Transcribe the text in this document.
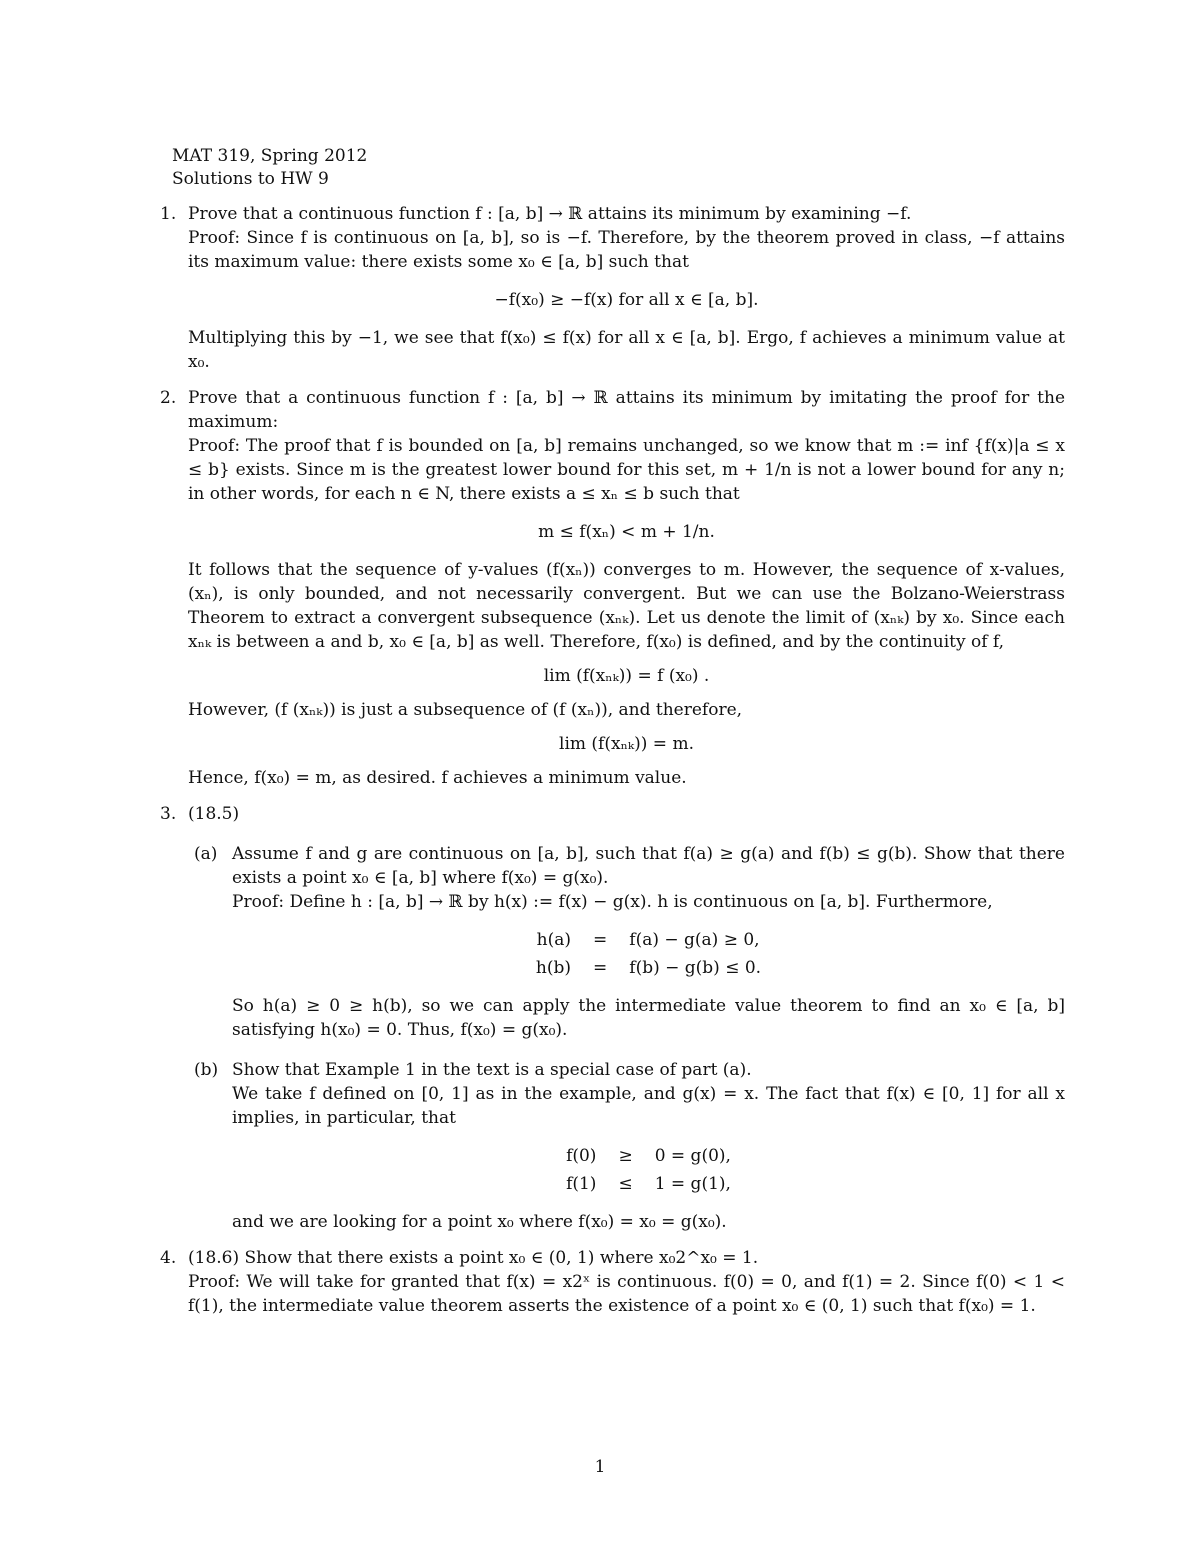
MAT 319, Spring 2012
Solutions to HW 9
1. Prove that a continuous function f : [a, b] → ℝ attains its minimum by examining −f.

Proof: Since f is continuous on [a, b], so is −f. Therefore, by the theorem proved in class, −f attains its maximum value: there exists some x₀ ∈ [a, b] such that

−f(x₀) ≥ −f(x) for all x ∈ [a, b].

Multiplying this by −1, we see that f(x₀) ≤ f(x) for all x ∈ [a, b]. Ergo, f achieves a minimum value at x₀.

2. Prove that a continuous function f : [a, b] → ℝ attains its minimum by imitating the proof for the maximum:

Proof: The proof that f is bounded on [a, b] remains unchanged, so we know that m := inf {f(x)|a ≤ x ≤ b} exists. Since m is the greatest lower bound for this set, m + 1/n is not a lower bound for any n; in other words, for each n ∈ N, there exists a ≤ xₙ ≤ b such that

m ≤ f(xₙ) < m + 1/n.

It follows that the sequence of y-values (f(xₙ)) converges to m. However, the sequence of x-values, (xₙ), is only bounded, and not necessarily convergent. But we can use the Bolzano-Weierstrass Theorem to extract a convergent subsequence (xₙₖ). Let us denote the limit of (xₙₖ) by x₀. Since each xₙₖ is between a and b, x₀ ∈ [a, b] as well. Therefore, f(x₀) is defined, and by the continuity of f,

lim (f(xₙₖ)) = f (x₀) .

However, (f (xₙₖ)) is just a subsequence of (f (xₙ)), and therefore,

lim (f(xₙₖ)) = m.

Hence, f(x₀) = m, as desired. f achieves a minimum value.

3. (18.5)

(a) Assume f and g are continuous on [a, b], such that f(a) ≥ g(a) and f(b) ≤ g(b). Show that there exists a point x₀ ∈ [a, b] where f(x₀) = g(x₀).

Proof: Define h : [a, b] → ℝ by h(x) := f(x) − g(x). h is continuous on [a, b]. Furthermore,

h(a)	=	f(a) − g(a) ≥ 0,
h(b)	=	f(b) − g(b) ≤ 0.

So h(a) ≥ 0 ≥ h(b), so we can apply the intermediate value theorem to find an x₀ ∈ [a, b] satisfying h(x₀) = 0. Thus, f(x₀) = g(x₀).

(b) Show that Example 1 in the text is a special case of part (a).

We take f defined on [0, 1] as in the example, and g(x) = x. The fact that f(x) ∈ [0, 1] for all x implies, in particular, that

f(0)	≥	0 = g(0),
f(1)	≤	1 = g(1),

and we are looking for a point x₀ where f(x₀) = x₀ = g(x₀).

4. (18.6) Show that there exists a point x₀ ∈ (0, 1) where x₀2^x₀ = 1.

Proof: We will take for granted that f(x) = x2ˣ is continuous. f(0) = 0, and f(1) = 2. Since f(0) < 1 < f(1), the intermediate value theorem asserts the existence of a point x₀ ∈ (0, 1) such that f(x₀) = 1.

1
